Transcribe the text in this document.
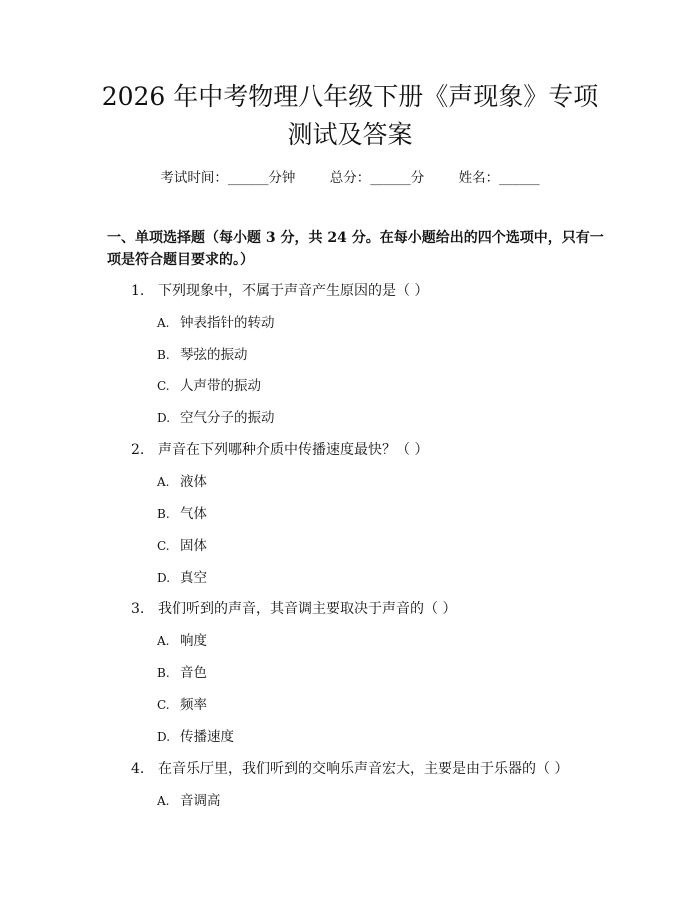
2026 年中考物理八年级下册《声现象》专项
测试及答案
考试时间：______分钟	总分：______分	姓名：______

一、单项选择题（每小题 3 分，共 24 分。在每小题给出的四个选项中，只有一项是符合题目要求的。）

1. 下列现象中，不属于声音产生原因的是（ ）
A. 钟表指针的转动
B. 琴弦的振动
C. 人声带的振动
D. 空气分子的振动
2. 声音在下列哪种介质中传播速度最快？（ ）
A. 液体
B. 气体
C. 固体
D. 真空
3. 我们听到的声音，其音调主要取决于声音的（ ）
A. 响度
B. 音色
C. 频率
D. 传播速度
4. 在音乐厅里，我们听到的交响乐声音宏大，主要是由于乐器的（ ）
A. 音调高
